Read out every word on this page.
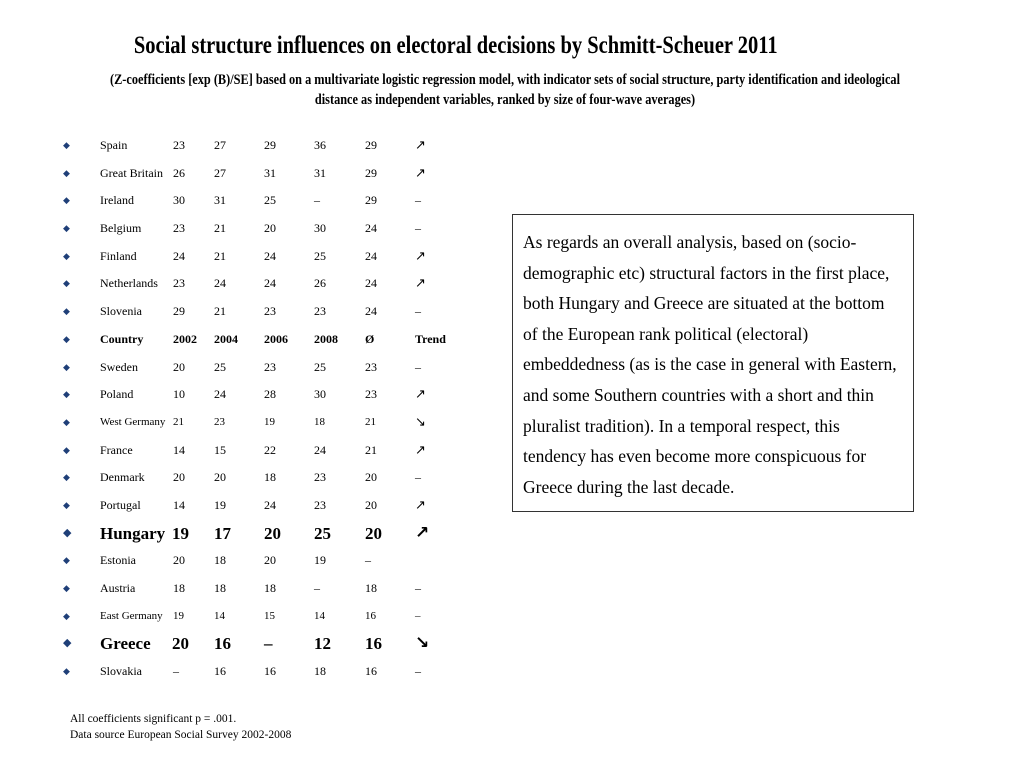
Social structure influences on electoral decisions by Schmitt-Scheuer 2011
(Z-coefficients [exp (B)/SE] based on a multivariate logistic regression model, with indicator sets of social structure, party identification and ideological distance as independent variables, ranked by size of four-wave averages)
◆	Spain	23 27	29	36	29	↗
◆	Great Britain 26 27	31	31	29	↗
◆	Ireland	30 31	25	–	29	–
◆	Belgium	23 21	20	30	24	–
◆	Finland	24 21	24	25	24	↗
◆	Netherlands 23 24	24	26	24	↗
◆	Slovenia	29 21	23	23	24	–
◆	Country 2002 2004 2006 2008 Ø	Trend
◆	Sweden	20 25	23	25	23	–
◆	Poland	10 24	28	30	23	↗
◆	West Germany 21	23	19	18	21	↘
◆	France	14 15	22	24	21	↗
◆	Denmark 20 20	18	23	20	–
◆	Portugal	14 19	24	23	20	↗
◆ Hungary 19 17 20 25 20 ↗
◆	Estonia	20 18	20	19	–
◆	Austria	18 18	18	–	18	–
◆	East Germany 19	14	15	14	16	–
◆ Greece 20 16 – 12 16 ↘
◆	Slovakia	–	16	16	18	16	–
As regards an overall analysis, based on (socio-demographic etc) structural factors in the first place, both Hungary and Greece are situated at the bottom of the European rank political (electoral) embeddedness (as is the case in general with Eastern, and some Southern countries with a short and thin pluralist tradition). In a temporal respect, this tendency has even become more conspicuous for Greece during the last decade.
All coefficients significant p = .001.
Data source European Social Survey 2002-2008
